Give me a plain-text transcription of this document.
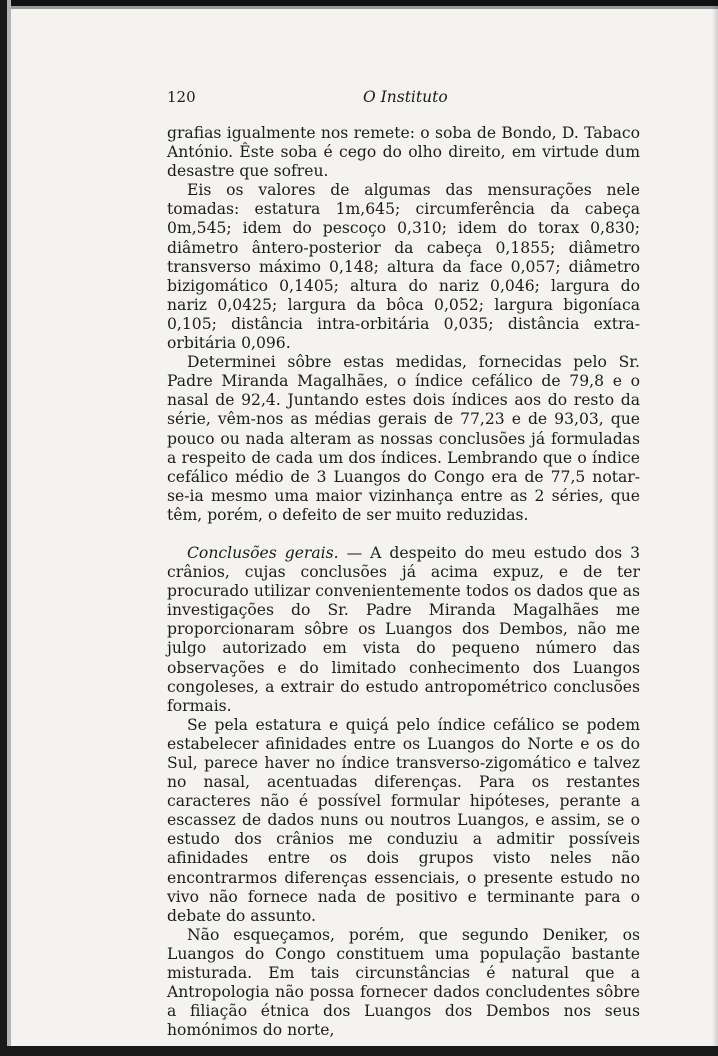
120	O Instituto

grafias igualmente nos remete: o soba de Bondo, D. Tabaco António. Êste soba é cego do olho direito, em virtude dum desastre que sofreu.

Eis os valores de algumas das mensurações nele tomadas: estatura 1m,645; circumferência da cabeça 0m,545; idem do pescoço 0,310; idem do torax 0,830; diâmetro ântero-posterior da cabeça 0,1855; diâmetro transverso máximo 0,148; altura da face 0,057; diâmetro bizigomático 0,1405; altura do nariz 0,046; largura do nariz 0,0425; largura da bôca 0,052; largura bigoníaca 0,105; distância intra-orbitária 0,035; distância extra-orbitária 0,096.

Determinei sôbre estas medidas, fornecidas pelo Sr. Padre Miranda Magalhães, o índice cefálico de 79,8 e o nasal de 92,4. Juntando estes dois índices aos do resto da série, vêm-nos as médias gerais de 77,23 e de 93,03, que pouco ou nada alteram as nossas conclusões já formuladas a respeito de cada um dos índices. Lembrando que o índice cefálico médio de 3 Luangos do Congo era de 77,5 notar-se-ia mesmo uma maior vizinhança entre as 2 séries, que têm, porém, o defeito de ser muito reduzidas.

Conclusões gerais. — A despeito do meu estudo dos 3 crânios, cujas conclusões já acima expuz, e de ter procurado utilizar convenientemente todos os dados que as investigações do Sr. Padre Miranda Magalhães me proporcionaram sôbre os Luangos dos Dembos, não me julgo autorizado em vista do pequeno número das observações e do limitado conhecimento dos Luangos congoleses, a extrair do estudo antropométrico conclusões formais.

Se pela estatura e quiçá pelo índice cefálico se podem estabelecer afinidades entre os Luangos do Norte e os do Sul, parece haver no índice transverso-zigomático e talvez no nasal, acentuadas diferenças. Para os restantes caracteres não é possível formular hipóteses, perante a escassez de dados nuns ou noutros Luangos, e assim, se o estudo dos crânios me conduziu a admitir possíveis afinidades entre os dois grupos visto neles não encontrarmos diferenças essenciais, o presente estudo no vivo não fornece nada de positivo e terminante para o debate do assunto.

Não esqueçamos, porém, que segundo Deniker, os Luangos do Congo constituem uma população bastante misturada. Em tais circunstâncias é natural que a Antropologia não possa fornecer dados concludentes sôbre a filiação étnica dos Luangos dos Dembos nos seus homónimos do norte,
